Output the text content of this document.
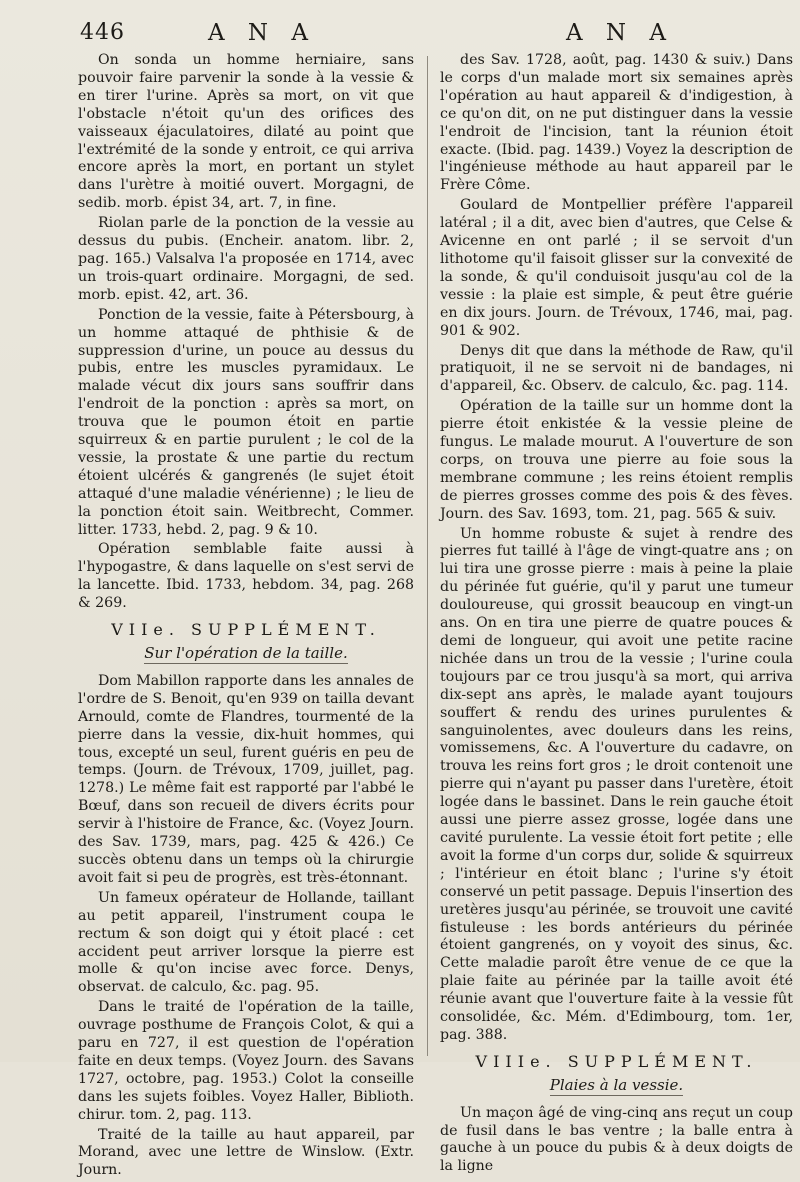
446	A N A	A N A

On sonda un homme herniaire, sans pouvoir faire parvenir la sonde à la vessie & en tirer l'urine. Après sa mort, on vit que l'obstacle n'étoit qu'un des orifices des vaisseaux éjaculatoires, dilaté au point que l'extrémité de la sonde y entroit, ce qui arriva encore après la mort, en portant un stylet dans l'urètre à moitié ouvert. Morgagni, de sedib. morb. épist 34, art. 7, in fine.

Riolan parle de la ponction de la vessie au dessus du pubis. (Encheir. anatom. libr. 2, pag. 165.) Valsalva l'a proposée en 1714, avec un trois-quart ordinaire. Morgagni, de sed. morb. epist. 42, art. 36.

Ponction de la vessie, faite à Pétersbourg, à un homme attaqué de phthisie & de suppression d'urine, un pouce au dessus du pubis, entre les muscles pyramidaux. Le malade vécut dix jours sans souffrir dans l'endroit de la ponction : après sa mort, on trouva que le poumon étoit en partie squirreux & en partie purulent ; le col de la vessie, la prostate & une partie du rectum étoient ulcérés & gangrenés (le sujet étoit attaqué d'une maladie vénérienne) ; le lieu de la ponction étoit sain. Weitbrecht, Commer. litter. 1733, hebd. 2, pag. 9 & 10.

Opération semblable faite aussi à l'hypogastre, & dans laquelle on s'est servi de la lancette. Ibid. 1733, hebdom. 34, pag. 268 & 269.

VIIe. SUPPLÉMENT.

Sur l'opération de la taille.

Dom Mabillon rapporte dans les annales de l'ordre de S. Benoit, qu'en 939 on tailla devant Arnould, comte de Flandres, tourmenté de la pierre dans la vessie, dix-huit hommes, qui tous, excepté un seul, furent guéris en peu de temps. (Journ. de Trévoux, 1709, juillet, pag. 1278.) Le même fait est rapporté par l'abbé le Bœuf, dans son recueil de divers écrits pour servir à l'histoire de France, &c. (Voyez Journ. des Sav. 1739, mars, pag. 425 & 426.) Ce succès obtenu dans un temps où la chirurgie avoit fait si peu de progrès, est très-étonnant.

Un fameux opérateur de Hollande, taillant au petit appareil, l'instrument coupa le rectum & son doigt qui y étoit placé : cet accident peut arriver lorsque la pierre est molle & qu'on incise avec force. Denys, observat. de calculo, &c. pag. 95.

Dans le traité de l'opération de la taille, ouvrage posthume de François Colot, & qui a paru en 727, il est question de l'opération faite en deux temps. (Voyez Journ. des Savans 1727, octobre, pag. 1953.) Colot la conseille dans les sujets foibles. Voyez Haller, Biblioth. chirur. tom. 2, pag. 113.

Traité de la taille au haut appareil, par Morand, avec une lettre de Winslow. (Extr. Journ.

des Sav. 1728, août, pag. 1430 & suiv.) Dans le corps d'un malade mort six semaines après l'opération au haut appareil & d'indigestion, à ce qu'on dit, on ne put distinguer dans la vessie l'endroit de l'incision, tant la réunion étoit exacte. (Ibid. pag. 1439.) Voyez la description de l'ingénieuse méthode au haut appareil par le Frère Côme.

Goulard de Montpellier préfère l'appareil latéral ; il a dit, avec bien d'autres, que Celse & Avicenne en ont parlé ; il se servoit d'un lithotome qu'il faisoit glisser sur la convexité de la sonde, & qu'il conduisoit jusqu'au col de la vessie : la plaie est simple, & peut être guérie en dix jours. Journ. de Trévoux, 1746, mai, pag. 901 & 902.

Denys dit que dans la méthode de Raw, qu'il pratiquoit, il ne se servoit ni de bandages, ni d'appareil, &c. Observ. de calculo, &c. pag. 114.

Opération de la taille sur un homme dont la pierre étoit enkistée & la vessie pleine de fungus. Le malade mourut. A l'ouverture de son corps, on trouva une pierre au foie sous la membrane commune ; les reins étoient remplis de pierres grosses comme des pois & des fèves. Journ. des Sav. 1693, tom. 21, pag. 565 & suiv.

Un homme robuste & sujet à rendre des pierres fut taillé à l'âge de vingt-quatre ans ; on lui tira une grosse pierre : mais à peine la plaie du périnée fut guérie, qu'il y parut une tumeur douloureuse, qui grossit beaucoup en vingt-un ans. On en tira une pierre de quatre pouces & demi de longueur, qui avoit une petite racine nichée dans un trou de la vessie ; l'urine coula toujours par ce trou jusqu'à sa mort, qui arriva dix-sept ans après, le malade ayant toujours souffert & rendu des urines purulentes & sanguinolentes, avec douleurs dans les reins, vomissemens, &c. A l'ouverture du cadavre, on trouva les reins fort gros ; le droit contenoit une pierre qui n'ayant pu passer dans l'uretère, étoit logée dans le bassinet. Dans le rein gauche étoit aussi une pierre assez grosse, logée dans une cavité purulente. La vessie étoit fort petite ; elle avoit la forme d'un corps dur, solide & squirreux ; l'intérieur en étoit blanc ; l'urine s'y étoit conservé un petit passage. Depuis l'insertion des uretères jusqu'au périnée, se trouvoit une cavité fistuleuse : les bords antérieurs du périnée étoient gangrenés, on y voyoit des sinus, &c. Cette maladie paroît être venue de ce que la plaie faite au périnée par la taille avoit été réunie avant que l'ouverture faite à la vessie fût consolidée, &c. Mém. d'Edimbourg, tom. 1er, pag. 388.

VIIIe. SUPPLÉMENT.

Plaies à la vessie.

Un maçon âgé de ving-cinq ans reçut un coup de fusil dans le bas ventre ; la balle entra à gauche à un pouce du pubis & à deux doigts de la ligne
